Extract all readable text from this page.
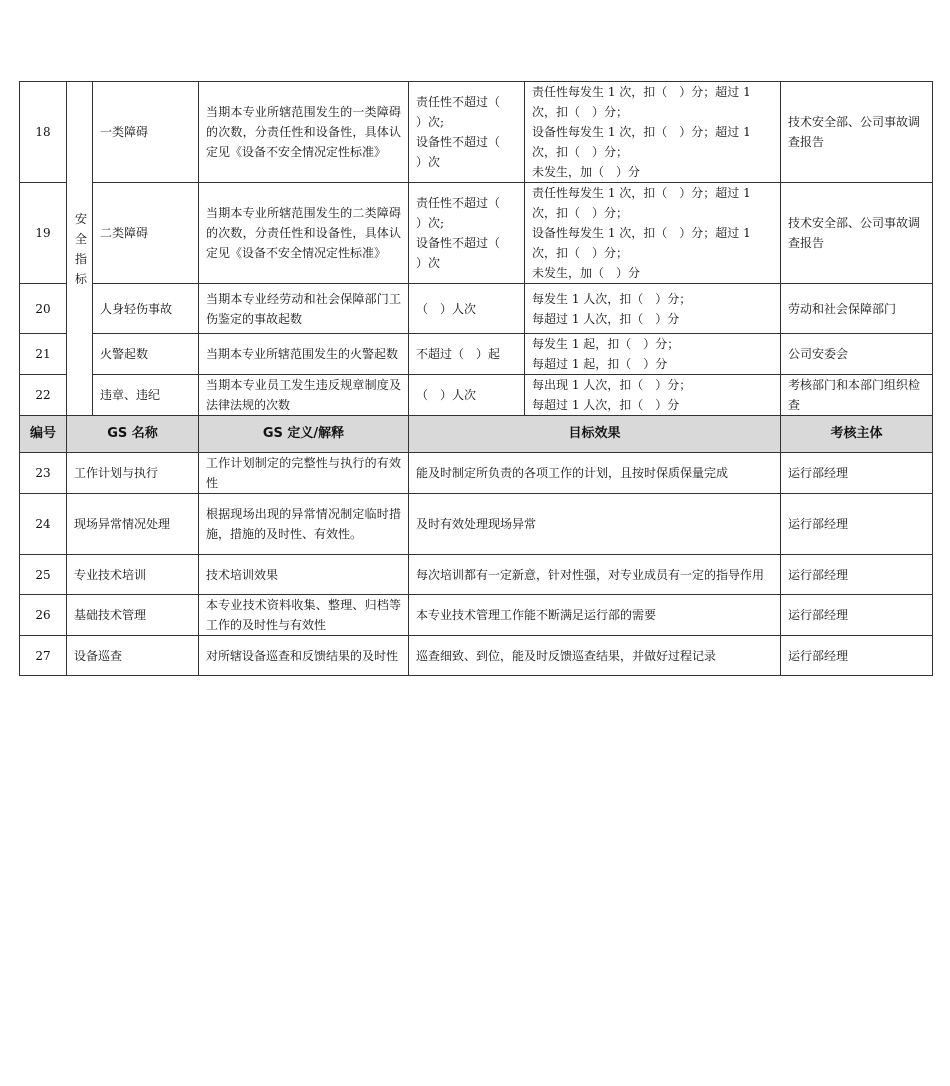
18	安全指标	一类障碍	当期本专业所辖范围发生的一类障碍的次数，分责任性和设备性，具体认定见《设备不安全情况定性标准》	责任性不超过（
）次;
设备性不超过（
）次	责任性每发生 1 次，扣（　）分；超过 1
次，扣（　）分；
设备性每发生 1 次，扣（　）分；超过 1
次，扣（　）分；
未发生，加（　）分	技术安全部、公司事故调查报告
19		二类障碍	当期本专业所辖范围发生的二类障碍的次数，分责任性和设备性，具体认定见《设备不安全情况定性标准》	责任性不超过（
）次;
设备性不超过（
）次	责任性每发生 1 次，扣（　）分；超过 1
次，扣（　）分；
设备性每发生 1 次，扣（　）分；超过 1
次，扣（　）分；
未发生，加（　）分	技术安全部、公司事故调查报告
20		人身轻伤事故	当期本专业经劳动和社会保障部门工伤鉴定的事故起数	（　）人次	每发生 1 人次，扣（　）分；
每超过 1 人次，扣（　）分	劳动和社会保障部门
21		火警起数	当期本专业所辖范围发生的火警起数	不超过（　）起	每发生 1 起，扣（　）分；
每超过 1 起，扣（　）分	公司安委会
22		违章、违纪	当期本专业员工发生违反规章制度及法律法规的次数	（　）人次	每出现 1 人次，扣（　）分；
每超过 1 人次，扣（　）分	考核部门和本部门组织检查
编号	GS 名称		GS 定义/解释	目标效果		考核主体
23	工作计划与执行		工作计划制定的完整性与执行的有效性	能及时制定所负责的各项工作的计划，且按时保质保量完成		运行部经理
24	现场异常情况处理		根据现场出现的异常情况制定临时措施，措施的及时性、有效性。	及时有效处理现场异常		运行部经理
25	专业技术培训		技术培训效果	每次培训都有一定新意，针对性强，对专业成员有一定的指导作用		运行部经理
26	基础技术管理		本专业技术资料收集、整理、归档等工作的及时性与有效性	本专业技术管理工作能不断满足运行部的需要		运行部经理
27	设备巡查		对所辖设备巡查和反馈结果的及时性	巡查细致、到位，能及时反馈巡查结果，并做好过程记录		运行部经理
